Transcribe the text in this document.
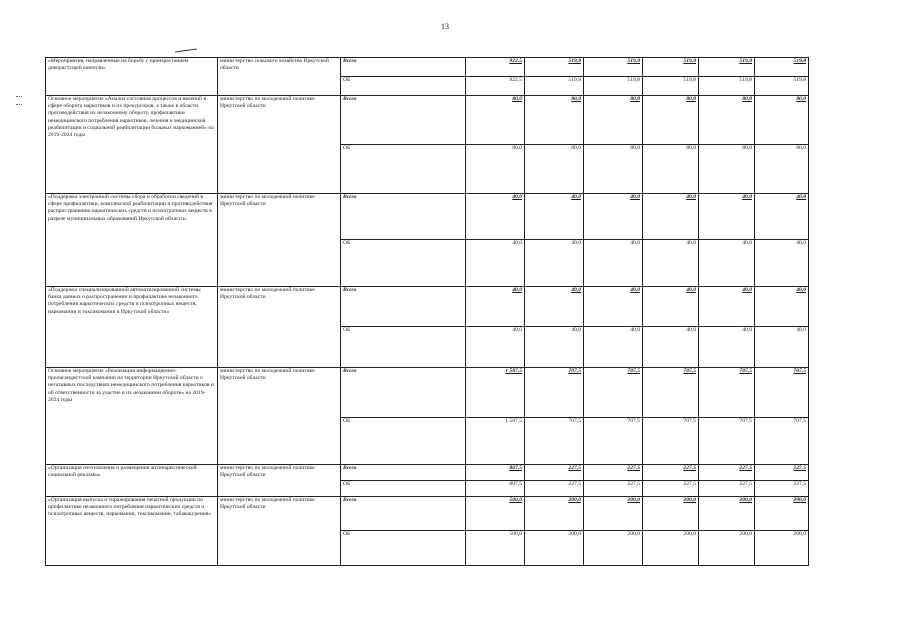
13
«Мероприятия, направленные на борьбу с произрастанием дикорастущей конопли»	министерство сельского хозяйства Иркутской области	Всего	922,5	519,8	519,8	519,8	519,8	519,8
		ОБ	922,5	519,8	519,8	519,8	519,8	519,8
Основное мероприятие «Анализ состояния процессов и явлений в сфере оборота наркотиков и их прекурсоров, а также в области противодействия их незаконному обороту, профилактики немедицинского потребления наркотиков, лечения и медицинской реабилитации и социальной реабилитации больных наркоманией» на 2019-2024 годы	министерство по молодежной политике Иркутской области	Всего	80,0	80,0	80,0	80,0	80,0	80,0
		ОБ	80,0	80,0	80,0	80,0	80,0	80,0
«Поддержка электронной системы сбора и обработки сведений в сфере профилактики, комплексной реабилитации и противодействия распространению наркотических средств и психотропных веществ в разрезе муниципальных образований Иркутской области»	министерство по молодежной политике Иркутской области	Всего	40,0	40,0	40,0	40,0	40,0	40,0
		ОБ	40,0	40,0	40,0	40,0	40,0	40,0
«Поддержка специализированной автоматизированной системы банка данных о распространении и профилактике незаконного потребления наркотических средств и психотропных веществ, наркомании и токсикомании в Иркутской области»	министерство по молодежной политике Иркутской области	Всего	40,0	40,0	40,0	40,0	40,0	40,0
		ОБ	40,0	40,0	40,0	40,0	40,0	40,0
Основное мероприятие «Реализация информационно-пропагандистской кампании на территории Иркутской области о негативных последствиях немедицинского потребления наркотиков и об ответственности за участие в их незаконном обороте» на 2019-2024 годы	министерство по молодежной политике Иркутской области	Всего	1 587,5	707,5	707,5	707,5	707,5	707,5
		ОБ	1 587,5	707,5	707,5	707,5	707,5	707,5
«Организация изготовления и размещения антинаркотической социальной рекламы»	министерство по молодежной политике Иркутской области	Всего	807,5	227,5	227,5	227,5	227,5	227,5
		ОБ	807,5	227,5	227,5	227,5	227,5	227,5
«Организация выпуска и тиражирования печатной продукции по профилактике незаконного потребления наркотических средств и психотропных веществ, наркомании, токсикомании, табакокурения»	министерство по молодежной политике Иркутской области	Всего	500,0	200,0	200,0	200,0	200,0	200,0
		ОБ	500,0	200,0	200,0	200,0	200,0	200,0
